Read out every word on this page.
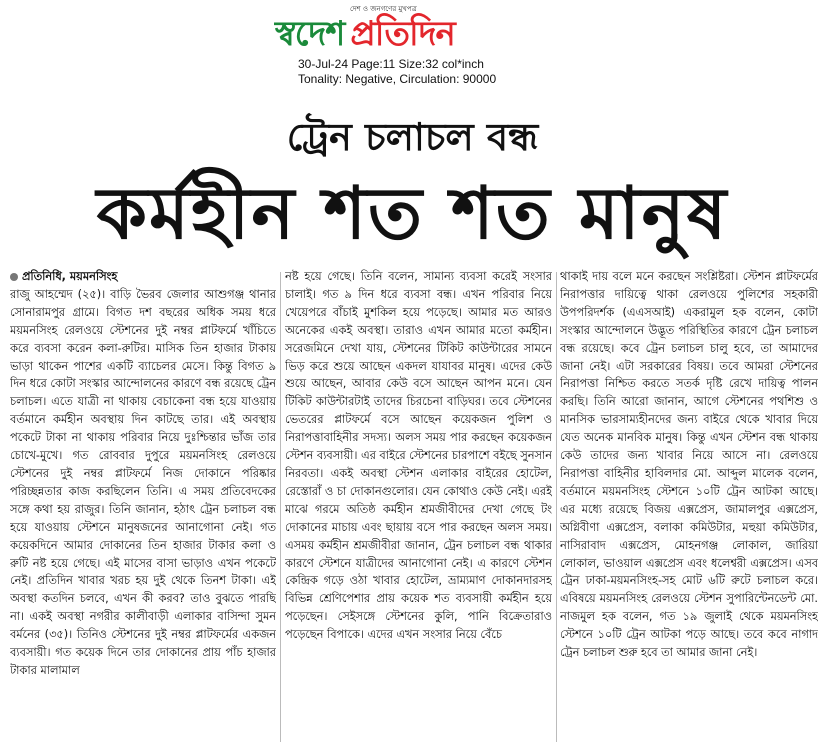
দেশ ও জনগণের মুখপত্র
স্বদেশ প্রতিদিন
30-Jul-24 Page:11 Size:32 col*inch
Tonality: Negative, Circulation: 90000
ট্রেন চলাচল বন্ধ
কর্মহীন শত শত মানুষ

প্রতিনিধি, ময়মনসিংহ

রাজু আহম্মেদ (২৫)। বাড়ি ভৈরব জেলার আশুগঞ্জ থানার সোনারামপুর গ্রামে। বিগত দশ বছরের অধিক সময় ধরে ময়মনসিংহ রেলওয়ে স্টেশনের দুই নম্বর প্লাটফর্মে খাঁচিতে করে ব্যবসা করেন কলা-রুটির। মাসিক তিন হাজার টাকায় ভাড়া থাকেন পাশের একটি ব্যাচেলর মেসে। কিন্তু বিগত ৯ দিন ধরে কোটা সংস্কার আন্দোলনের কারণে বন্ধ রয়েছে ট্রেন চলাচল। এতে যাত্রী না থাকায় বেচাকেনা বন্ধ হয়ে যাওয়ায় বর্তমানে কর্মহীন অবস্থায় দিন কাটছে তার। এই অবস্থায় পকেটে টাকা না থাকায় পরিবার নিয়ে দুঃশ্চিন্তার ভাঁজ তার চোখে-মুখে। গত রোববার দুপুরে ময়মনসিংহ রেলওয়ে স্টেশনের দুই নম্বর প্লাটফর্মে নিজ দোকানে পরিষ্কার পরিচ্ছন্নতার কাজ করছিলেন তিনি। এ সময় প্রতিবেদকের সঙ্গে কথা হয় রাজুর। তিনি জানান, হঠাৎ ট্রেন চলাচল বন্ধ হয়ে যাওয়ায় স্টেশনে মানুষজনের আনাগোনা নেই। গত কয়েকদিনে আমার দোকানের তিন হাজার টাকার কলা ও রুটি নষ্ট হয়ে গেছে। এই মাসের বাসা ভাড়াও এখন পকেটে নেই। প্রতিদিন খাবার খরচ হয় দুই থেকে তিনশ টাকা। এই অবস্থা কতদিন চলবে, এখন কী করব? তাও বুঝতে পারছি না। একই অবস্থা নগরীর কালীবাড়ী এলাকার বাসিন্দা সুমন বর্মনের (৩৫)। তিনিও স্টেশনের দুই নম্বর প্লাটফর্মের একজন ব্যবসায়ী। গত কয়েক দিনে তার দোকানের প্রায় পাঁচ হাজার টাকার মালামাল

নষ্ট হয়ে গেছে। তিনি বলেন, সামান্য ব্যবসা করেই সংসার চালাই। গত ৯ দিন ধরে ব্যবসা বন্ধ। এখন পরিবার নিয়ে খেয়েপরে বাঁচাই মুশকিল হয়ে পড়েছে। আমার মত আরও অনেকের একই অবস্থা। তারাও এখন আমার মতো কর্মহীন। সরেজমিনে দেখা যায়, স্টেশনের টিকিট কাউন্টারের সামনে ভিড় করে শুয়ে আছেন একদল যাযাবর মানুষ। এদের কেউ শুয়ে আছেন, আবার কেউ বসে আছেন আপন মনে। যেন টিকিট কাউন্টারটাই তাদের চিরচেনা বাড়িঘর। তবে স্টেশনের ভেতরের প্লাটফর্মে বসে আছেন কয়েকজন পুলিশ ও নিরাপত্তাবাহিনীর সদস্য। অলস সময় পার করছেন কয়েকজন স্টেশন ব্যবসায়ী। এর বাইরে স্টেশনের চারপাশে বইছে সুনসান নিরবতা। একই অবস্থা স্টেশন এলাকার বাইরের হোটেল, রেস্তোরাঁ ও চা দোকানগুলোর। যেন কোথাও কেউ নেই। এরই মাঝে গরমে অতিষ্ঠ কর্মহীন শ্রমজীবীদের দেখা গেছে টং দোকানের মাচায় এবং ছায়ায় বসে পার করছেন অলস সময়। এসময় কর্মহীন শ্রমজীবীরা জানান, ট্রেন চলাচল বন্ধ থাকার কারণে স্টেশনে যাত্রীদের আনাগোনা নেই। এ কারণে স্টেশন কেন্দ্রিক গড়ে ওঠা খাবার হোটেল, ভ্রাম্যমাণ দোকানদারসহ বিভিন্ন শ্রেণিপেশার প্রায় কয়েক শত ব্যবসায়ী কর্মহীন হয়ে পড়েছেন। সেইসঙ্গে স্টেশনের কুলি, পানি বিক্রেতারাও পড়েছেন বিপাকে। এদের এখন সংসার নিয়ে বেঁচে

থাকাই দায় বলে মনে করছেন সংশ্লিষ্টরা। স্টেশন প্লাটফর্মের নিরাপত্তার দায়িত্বে থাকা রেলওয়ে পুলিশের সহকারী উপপরিদর্শক (এএসআই) একরামুল হক বলেন, কোটা সংস্কার আন্দোলনে উদ্ভূত পরিস্থিতির কারণে ট্রেন চলাচল বন্ধ রয়েছে। কবে ট্রেন চলাচল চালু হবে, তা আমাদের জানা নেই। এটা সরকারের বিষয়। তবে আমরা স্টেশনের নিরাপত্তা নিশ্চিত করতে সতর্ক দৃষ্টি রেখে দায়িত্ব পালন করছি। তিনি আরো জানান, আগে স্টেশনের পথশিশু ও মানসিক ভারসাম্যহীনদের জন্য বাইরে থেকে খাবার দিয়ে যেত অনেক মানবিক মানুষ। কিন্তু এখন স্টেশন বন্ধ থাকায় কেউ তাদের জন্য খাবার নিয়ে আসে না। রেলওয়ে নিরাপত্তা বাহিনীর হাবিলদার মো. আব্দুল মালেক বলেন, বর্তমানে ময়মনসিংহ স্টেশনে ১০টি ট্রেন আটকা আছে। এর মধ্যে রয়েছে বিজয় এক্সপ্রেস, জামালপুর এক্সপ্রেস, অগ্নিবীণা এক্সপ্রেস, বলাকা কমিউটার, মহুয়া কমিউটার, নাসিরাবাদ এক্সপ্রেস, মোহনগঞ্জ লোকাল, জারিয়া লোকাল, ভাওয়াল এক্সপ্রেস এবং ধলেশ্বরী এক্সপ্রেস। এসব ট্রেন ঢাকা-ময়মনসিংহ-সহ মোট ৬টি রুটে চলাচল করে। এবিষয়ে ময়মনসিংহ রেলওয়ে স্টেশন সুপারিন্টেনডেন্ট মো. নাজমুল হক বলেন, গত ১৯ জুলাই থেকে ময়মনসিংহ স্টেশনে ১০টি ট্রেন আটকা পড়ে আছে। তবে কবে নাগাদ ট্রেন চলাচল শুরু হবে তা আমার জানা নেই।
